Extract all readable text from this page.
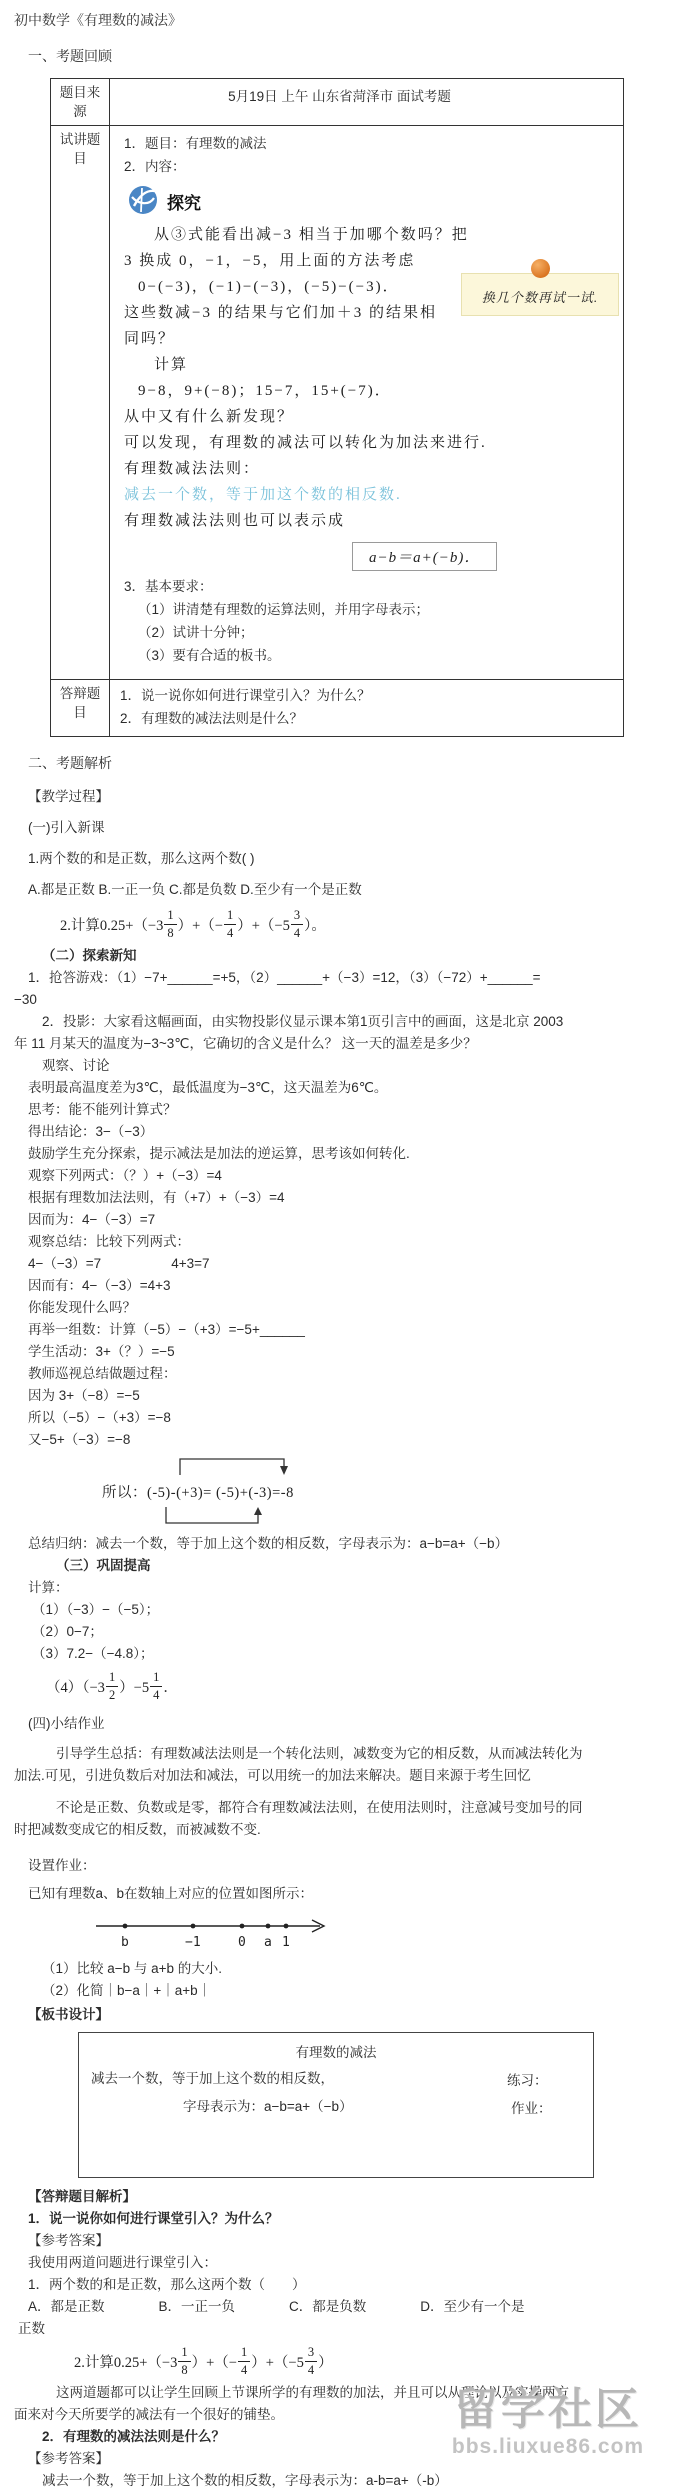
初中数学《有理数的减法》
一、考题回顾
题目来源	5月19日 上午 山东省菏泽市 面试考题
试讲题目	
1．题目：有理数的减法
2．内容：
探究
从③式能看出减−3 相当于加哪个数吗？把
3 换成 0，−1，−5，用上面的方法考虑
0−(−3)，(−1)−(−3)，(−5)−(−3)．
这些数减−3 的结果与它们加＋3 的结果相
同吗？
计算
9−8，9+(−8)；15−7，15+(−7)．
从中又有什么新发现？
可以发现，有理数的减法可以转化为加法来进行.
有理数减法法则：
减去一个数，等于加这个数的相反数.
有理数减法法则也可以表示成
a−b＝a+(−b)．
3．基本要求：
（1）讲清楚有理数的运算法则，并用字母表示；
（2）试讲十分钟；
（3）要有合适的板书。
换几个数再试一试.

答辩题目	1．说一说你如何进行课堂引入？为什么？
2．有理数的减法法则是什么？
二、考题解析
【教学过程】
(一)引入新课
1.两个数的和是正数，那么这两个数( )
A.都是正数 B.一正一负 C.都是负数 D.至少有一个是正数
2.计算$0.25+(-3 \frac{1}{8}$ ）+（− $\frac{1}{4} )+(-5 \frac{3}{4}$ ）。
（二）探索新知
1．抢答游戏：（1）−7+______=+5，（2）______+（−3）=12，（3）（−72）+______=
−30
2．投影：大家看这幅画面，由实物投影仪显示课本第1页引言中的画面，这是北京 2003
年 11 月某天的温度为−3~3℃，它确切的含义是什么？ 这一天的温差是多少？
观察、讨论
表明最高温度差为3℃，最低温度为−3℃，这天温差为6℃。
思考：能不能列计算式？
得出结论：3−（−3）
鼓励学生充分探索，提示减法是加法的逆运算，思考该如何转化.
观察下列两式：（？）+（−3）=4
根据有理数加法法则，有（+7）+（−3）=4
因而为：4−（−3）=7
观察总结：比较下列两式：
4−（−3）=7	4+3=7
因而有：4−（−3）=4+3
你能发现什么吗？
再举一组数：计算（−5）−（+3）=−5+______
学生活动：3+（？）=−5
教师巡视总结做题过程：
因为 3+（−8）=−5
所以（−5）−（+3）=−8
又−5+（−3）=−8
所以：(-5)-(+3)= (-5)+(-3)=-8
总结归纳：减去一个数，等于加上这个数的相反数，字母表示为：a−b=a+（−b）
（三）巩固提高
计算：
（1）（−3）−（−5）；
（2）0−7；
（3）7.2−（−4.8）；
$(4)(-3 \frac{1}{2} )-5 \frac{1}{4}$ ．
(四)小结作业
引导学生总括：有理数减法法则是一个转化法则，减数变为它的相反数，从而减法转化为
加法.可见，引进负数后对加法和减法，可以用统一的加法来解决。题目来源于考生回忆
不论是正数、负数或是零，都符合有理数减法法则，在使用法则时，注意减号变加号的同
时把减数变成它的相反数，而被减数不变.
设置作业：
已知有理数a、b在数轴上对应的位置如图所示：
b	−1	0 a 1
（1）比较 a−b 与 a+b 的大小.
（2）化简｜b−a｜+｜a+b｜
【板书设计】
有理数的减法
减去一个数，等于加上这个数的相反数，
字母表示为：a−b=a+（−b）
练习：
作业：
【答辩题目解析】
1．说一说你如何进行课堂引入？为什么？
【参考答案】
我使用两道问题进行课堂引入：
1．两个数的和是正数，那么这两个数（　　）
A．都是正数　　　　B．一正一负　　　　C．都是负数　　　　D．至少有一个是
正数
2.计算$0.25+(-3 \frac{1}{8}$ ）+（− $\frac{1}{4} )+(-5 \frac{3}{4}$ ）
这两道题都可以让学生回顾上节课所学的有理数的加法，并且可以从理论以及实操两方
面来对今天所要学的减法有一个很好的铺垫。
2．有理数的减法法则是什么？
【参考答案】
减去一个数，等于加上这个数的相反数，字母表示为：a-b=a+（-b）
留学社区
bbs.liuxue86.com
